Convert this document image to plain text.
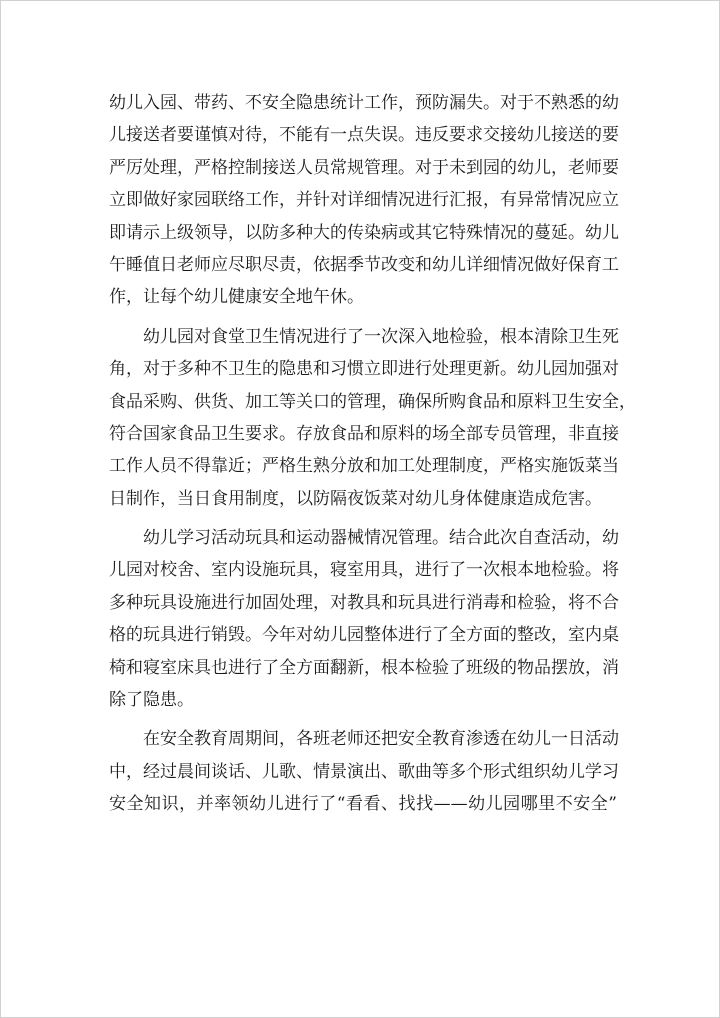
幼儿入园、带药、不安全隐患统计工作，预防漏失。对于不熟悉的幼
儿接送者要谨慎对待，不能有一点失误。违反要求交接幼儿接送的要
严厉处理，严格控制接送人员常规管理。对于未到园的幼儿，老师要
立即做好家园联络工作，并针对详细情况进行汇报，有异常情况应立
即请示上级领导，以防多种大的传染病或其它特殊情况的蔓延。幼儿
午睡值日老师应尽职尽责，依据季节改变和幼儿详细情况做好保育工
作，让每个幼儿健康安全地午休。
幼儿园对食堂卫生情况进行了一次深入地检验，根本清除卫生死
角，对于多种不卫生的隐患和习惯立即进行处理更新。幼儿园加强对
食品采购、供货、加工等关口的管理，确保所购食品和原料卫生安全，
符合国家食品卫生要求。存放食品和原料的场全部专员管理，非直接
工作人员不得靠近；严格生熟分放和加工处理制度，严格实施饭菜当
日制作，当日食用制度，以防隔夜饭菜对幼儿身体健康造成危害。
幼儿学习活动玩具和运动器械情况管理。结合此次自查活动，幼
儿园对校舍、室内设施玩具，寝室用具，进行了一次根本地检验。将
多种玩具设施进行加固处理，对教具和玩具进行消毒和检验，将不合
格的玩具进行销毁。今年对幼儿园整体进行了全方面的整改，室内桌
椅和寝室床具也进行了全方面翻新，根本检验了班级的物品摆放，消
除了隐患。
在安全教育周期间，各班老师还把安全教育渗透在幼儿一日活动
中，经过晨间谈话、儿歌、情景演出、歌曲等多个形式组织幼儿学习
安全知识，并率领幼儿进行了“看看、找找——幼儿园哪里不安全”
